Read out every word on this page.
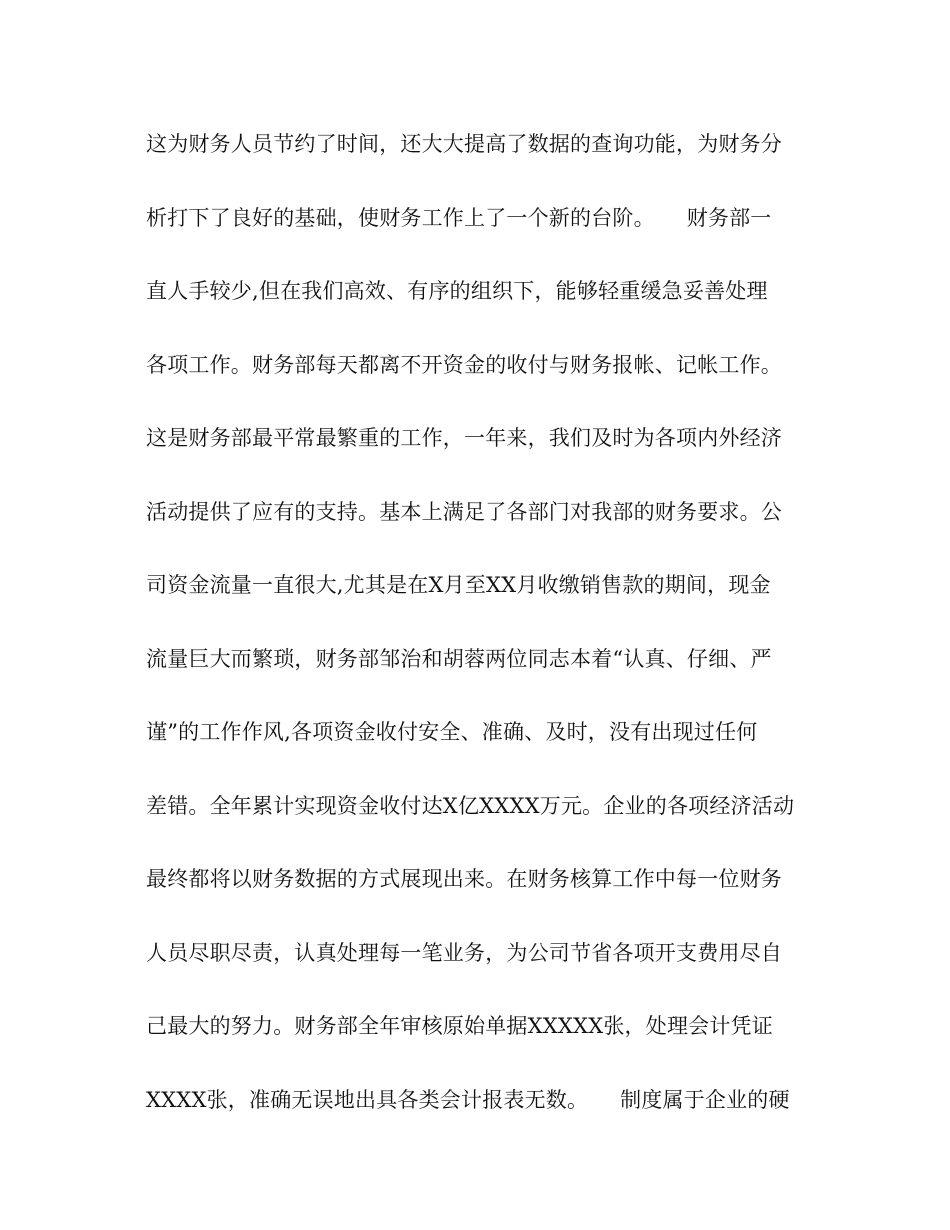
这为财务人员节约了时间，还大大提高了数据的查询功能，为财务分
析打下了良好的基础，使财务工作上了一个新的台阶。　　财务部一
直人手较少,但在我们高效、有序的组织下，能够轻重缓急妥善处理
各项工作。财务部每天都离不开资金的收付与财务报帐、记帐工作。
这是财务部最平常最繁重的工作，一年来，我们及时为各项内外经济
活动提供了应有的支持。基本上满足了各部门对我部的财务要求。公
司资金流量一直很大,尤其是在X月至XX月收缴销售款的期间，现金
流量巨大而繁琐，财务部邹治和胡蓉两位同志本着“认真、仔细、严
谨”的工作作风,各项资金收付安全、准确、及时，没有出现过任何
差错。全年累计实现资金收付达X亿XXXX万元。企业的各项经济活动
最终都将以财务数据的方式展现出来。在财务核算工作中每一位财务
人员尽职尽责，认真处理每一笔业务，为公司节省各项开支费用尽自
己最大的努力。财务部全年审核原始单据XXXXX张，处理会计凭证
XXXX张，准确无误地出具各类会计报表无数。　　制度属于企业的硬
